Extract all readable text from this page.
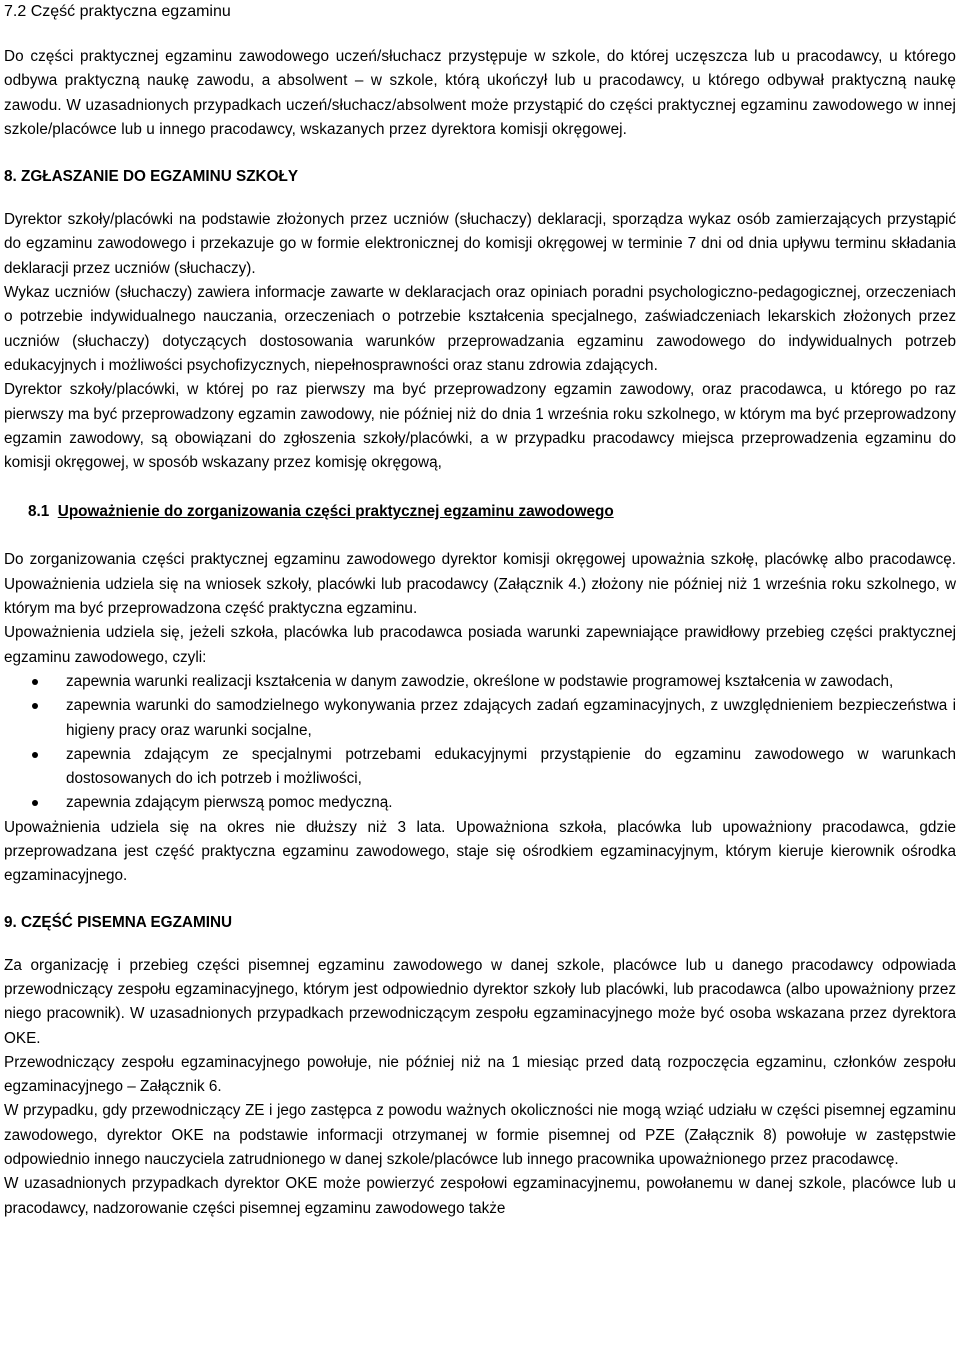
7.2 Część praktyczna egzaminu

Do części praktycznej egzaminu zawodowego uczeń/słuchacz przystępuje w szkole, do której uczęszcza lub u pracodawcy, u którego odbywa praktyczną naukę zawodu, a absolwent – w szkole, którą ukończył lub u pracodawcy, u którego odbywał praktyczną naukę zawodu. W uzasadnionych przypadkach uczeń/słuchacz/absolwent może przystąpić do części praktycznej egzaminu zawodowego w innej szkole/placówce lub u innego pracodawcy, wskazanych przez dyrektora komisji okręgowej.

8. ZGŁASZANIE DO EGZAMINU SZKOŁY

Dyrektor szkoły/placówki na podstawie złożonych przez uczniów (słuchaczy) deklaracji, sporządza wykaz osób zamierzających przystąpić do egzaminu zawodowego i przekazuje go w formie elektronicznej do komisji okręgowej w terminie 7 dni od dnia upływu terminu składania deklaracji przez uczniów (słuchaczy).

Wykaz uczniów (słuchaczy) zawiera informacje zawarte w deklaracjach oraz opiniach poradni psychologiczno-pedagogicznej, orzeczeniach o potrzebie indywidualnego nauczania, orzeczeniach o potrzebie kształcenia specjalnego, zaświadczeniach lekarskich złożonych przez uczniów (słuchaczy) dotyczących dostosowania warunków przeprowadzania egzaminu zawodowego do indywidualnych potrzeb edukacyjnych i możliwości psychofizycznych, niepełnosprawności oraz stanu zdrowia zdających.

Dyrektor szkoły/placówki, w której po raz pierwszy ma być przeprowadzony egzamin zawodowy, oraz pracodawca, u którego po raz pierwszy ma być przeprowadzony egzamin zawodowy, nie później niż do dnia 1 września roku szkolnego, w którym ma być przeprowadzony egzamin zawodowy, są obowiązani do zgłoszenia szkoły/placówki, a w przypadku pracodawcy miejsca przeprowadzenia egzaminu do komisji okręgowej, w sposób wskazany przez komisję okręgową,

8.1 Upoważnienie do zorganizowania części praktycznej egzaminu zawodowego

Do zorganizowania części praktycznej egzaminu zawodowego dyrektor komisji okręgowej upoważnia szkołę, placówkę albo pracodawcę. Upoważnienia udziela się na wniosek szkoły, placówki lub pracodawcy (Załącznik 4.) złożony nie później niż 1 września roku szkolnego, w którym ma być przeprowadzona część praktyczna egzaminu.

Upoważnienia udziela się, jeżeli szkoła, placówka lub pracodawca posiada warunki zapewniające prawidłowy przebieg części praktycznej egzaminu zawodowego, czyli:

zapewnia warunki realizacji kształcenia w danym zawodzie, określone w podstawie programowej kształcenia w zawodach,
zapewnia warunki do samodzielnego wykonywania przez zdających zadań egzaminacyjnych, z uwzględnieniem bezpieczeństwa i higieny pracy oraz warunki socjalne,
zapewnia zdającym ze specjalnymi potrzebami edukacyjnymi przystąpienie do egzaminu zawodowego w warunkach dostosowanych do ich potrzeb i możliwości,
zapewnia zdającym pierwszą pomoc medyczną.

Upoważnienia udziela się na okres nie dłuższy niż 3 lata. Upoważniona szkoła, placówka lub upoważniony pracodawca, gdzie przeprowadzana jest część praktyczna egzaminu zawodowego, staje się ośrodkiem egzaminacyjnym, którym kieruje kierownik ośrodka egzaminacyjnego.

9. CZĘŚĆ PISEMNA EGZAMINU

Za organizację i przebieg części pisemnej egzaminu zawodowego w danej szkole, placówce lub u danego pracodawcy odpowiada przewodniczący zespołu egzaminacyjnego, którym jest odpowiednio dyrektor szkoły lub placówki, lub pracodawca (albo upoważniony przez niego pracownik). W uzasadnionych przypadkach przewodniczącym zespołu egzaminacyjnego może być osoba wskazana przez dyrektora OKE.

Przewodniczący zespołu egzaminacyjnego powołuje, nie później niż na 1 miesiąc przed datą rozpoczęcia egzaminu, członków zespołu egzaminacyjnego – Załącznik 6.

W przypadku, gdy przewodniczący ZE i jego zastępca z powodu ważnych okoliczności nie mogą wziąć udziału w części pisemnej egzaminu zawodowego, dyrektor OKE na podstawie informacji otrzymanej w formie pisemnej od PZE (Załącznik 8) powołuje w zastępstwie odpowiednio innego nauczyciela zatrudnionego w danej szkole/placówce lub innego pracownika upoważnionego przez pracodawcę.

W uzasadnionych przypadkach dyrektor OKE może powierzyć zespołowi egzaminacyjnemu, powołanemu w danej szkole, placówce lub u pracodawcy, nadzorowanie części pisemnej egzaminu zawodowego także
